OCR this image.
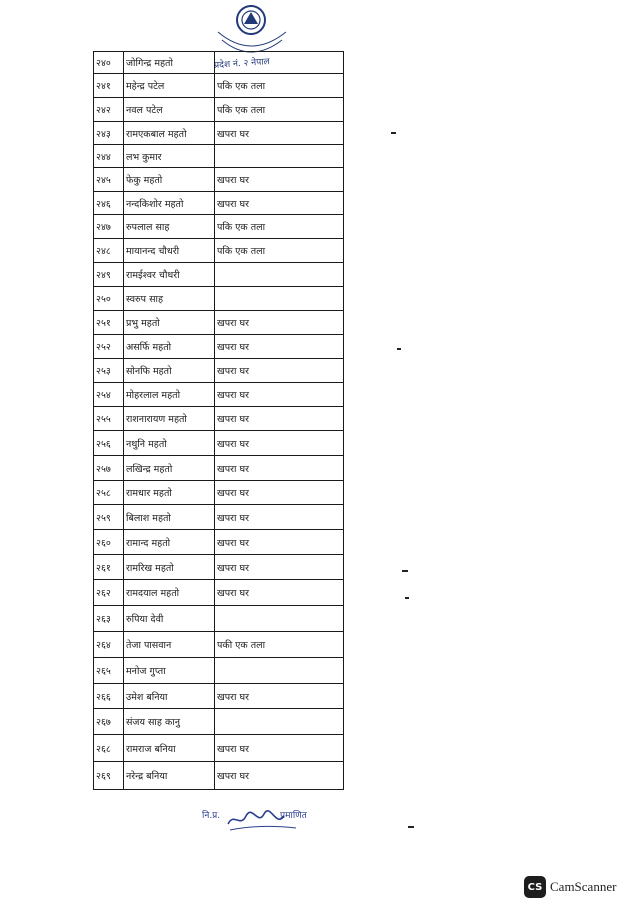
प्रदेश नं. २ नेपाल
२४०	जोगिन्द्र महतो	
२४१	महेन्द्र पटेल	पकि एक तला
२४२	नवल पटेल	पकि एक तला
२४३	रामएकबाल महतो	खपरा घर
२४४	लभ कुमार	
२४५	फेकु महतो	खपरा घर
२४६	नन्दकिशोर महतो	खपरा घर
२४७	रुपलाल साह	पकि एक तला
२४८	मायानन्द चौधरी	पकि एक तला
२४९	रामईश्वर चौधरी	
२५०	स्वरुप साह	
२५१	प्रभु महतो	खपरा घर
२५२	असर्फि महतो	खपरा घर
२५३	सोनफि महतो	खपरा घर
२५४	मोहरलाल महतो	खपरा घर
२५५	राशनारायण महतो	खपरा घर
२५६	नथुनि महतो	खपरा घर
२५७	लखिन्द्र महतो	खपरा घर
२५८	रामधार महतो	खपरा घर
२५९	बिलाश महतो	खपरा घर
२६०	रामान्द महतो	खपरा घर
२६१	रामरिख महतो	खपरा घर
२६२	रामदयाल महतो	खपरा घर
२६३	रुपिया देवी	
२६४	तेजा पासवान	पकी एक तला
२६५	मनोज गुप्ता	
२६६	उमेश बनिया	खपरा घर
२६७	संजय साह कानु	
२६८	रामराज बनिया	खपरा घर
२६९	नरेन्द्र बनिया	खपरा घर
नि.प्र.	प्रमाणित
CS CamScanner
